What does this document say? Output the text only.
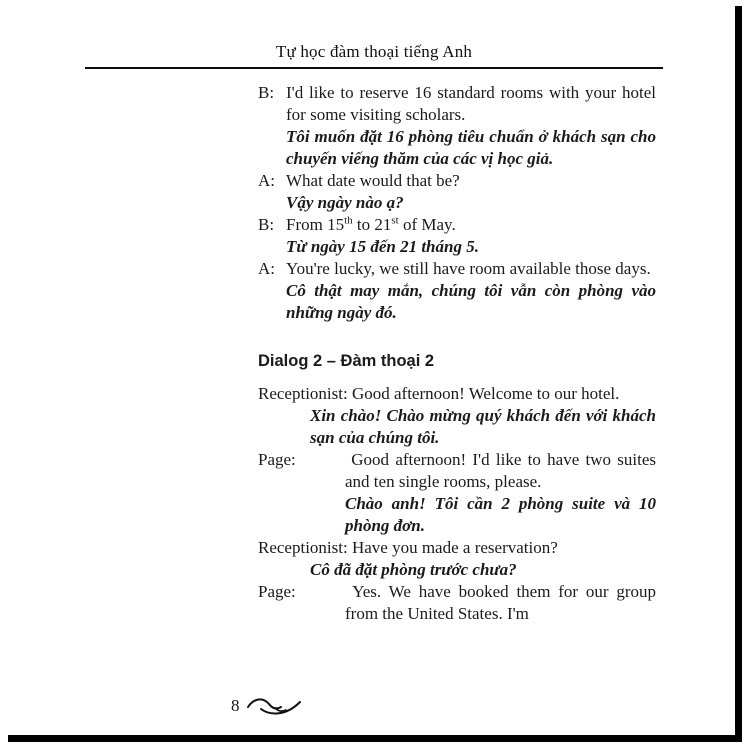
Tự học đàm thoại tiếng Anh

B: I'd like to reserve 16 standard rooms with your hotel for some visiting scholars.

Tôi muốn đặt 16 phòng tiêu chuẩn ở khách sạn cho chuyến viếng thăm của các vị học giả.

A: What date would that be?

Vậy ngày nào ạ?

B: From 15th to 21st of May.

Từ ngày 15 đến 21 tháng 5.

A: You're lucky, we still have room available those days.

Cô thật may mắn, chúng tôi vẫn còn phòng vào những ngày đó.

Dialog 2 – Đàm thoại 2

Receptionist: Good afternoon! Welcome to our hotel.

Xin chào! Chào mừng quý khách đến với khách sạn của chúng tôi.

Page:	Good afternoon! I'd like to have two suites and ten single rooms, please.

Chào anh! Tôi cần 2 phòng suite và 10 phòng đơn.

Receptionist: Have you made a reservation?

Cô đã đặt phòng trước chưa?

Page:	Yes. We have booked them for our group from the United States. I'm

8
